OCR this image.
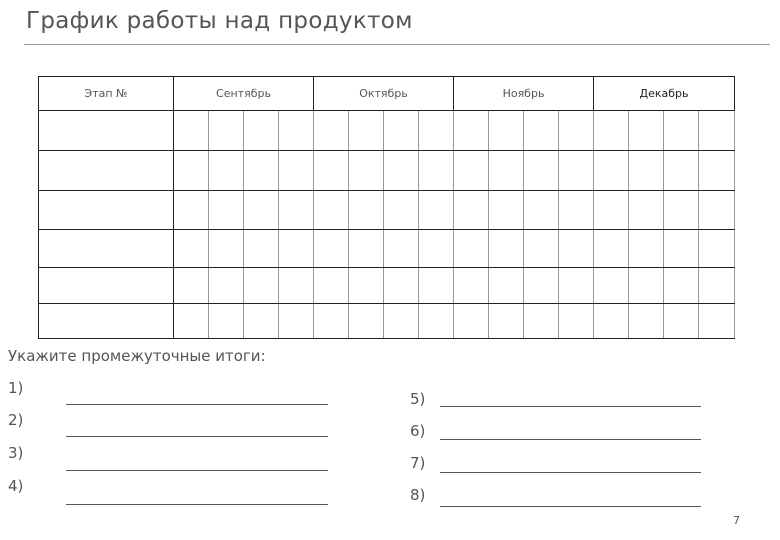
График работы над продуктом
Этап №	Сентябрь				Октябрь				Ноябрь				Декабрь			

Укажите промежуточные итоги:
1)
2)
3)
4)
5)
6)
7)
8)
7
